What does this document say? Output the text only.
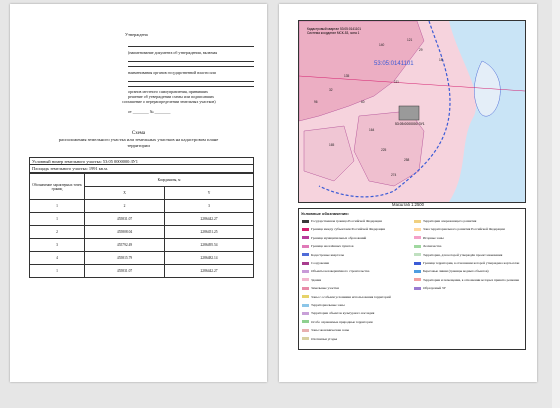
Утверждена
(наименование документа об утверждении, включая
наименования органов государственной власти или
органов местного самоуправления, принявших
решение об утверждении схемы или подписавших
соглашение о перераспределении земельных участков)
от ________ № ________
Схема
расположения земельного участка или земельных участков на кадастровом плане
территории
Условный номер земельного участка: 53:05 0000000:ЗУ1
Площадь земельного участка: 1991 кв.м.
Обозначение характерных точек границ	Координаты, м	
	X	Y
1	2	3
1	455831.07	2286442.27
2	455808.04	2286451.25
3	455792.49	2286495.54
4	455815.79	2286482.14
1	455831.07	2286442.27
Кадастровый квартал 53:05:0141101
Система координат МСК-53, зона 1
53:05:0141101
53:05:0000000:ЗУ1
29
32
60
96
111
121
135
140
164
165
225
258
274
18
Масштаб 1:2500
Условные обозначения:
Государственная граница Российской Федерации
Граница между субъектами Российской Федерации
Граница муниципальных образований
Граница населённых пунктов
Кадастровые кварталы
Сооружения
Объекты незавершённого строительства
Здания
Земельные участки
Зоны с особыми условиями использования территорий
Территориальные зоны
Территории объектов культурного наследия
Особо охраняемые природные территории
Зоны экономические зоны
Охотничьи угодья
Территории опережающего развития
Зона территориального развития Российской Федерации
Игорные зоны
Лесничества
Территория, для которой утверждён проект межевания
Граница территории, в отношении которой утверждена карта-план
Береговые линии (границы водных объектов)
Территории и помещения, в отношении которых принято решение
Образуемый ЗУ
